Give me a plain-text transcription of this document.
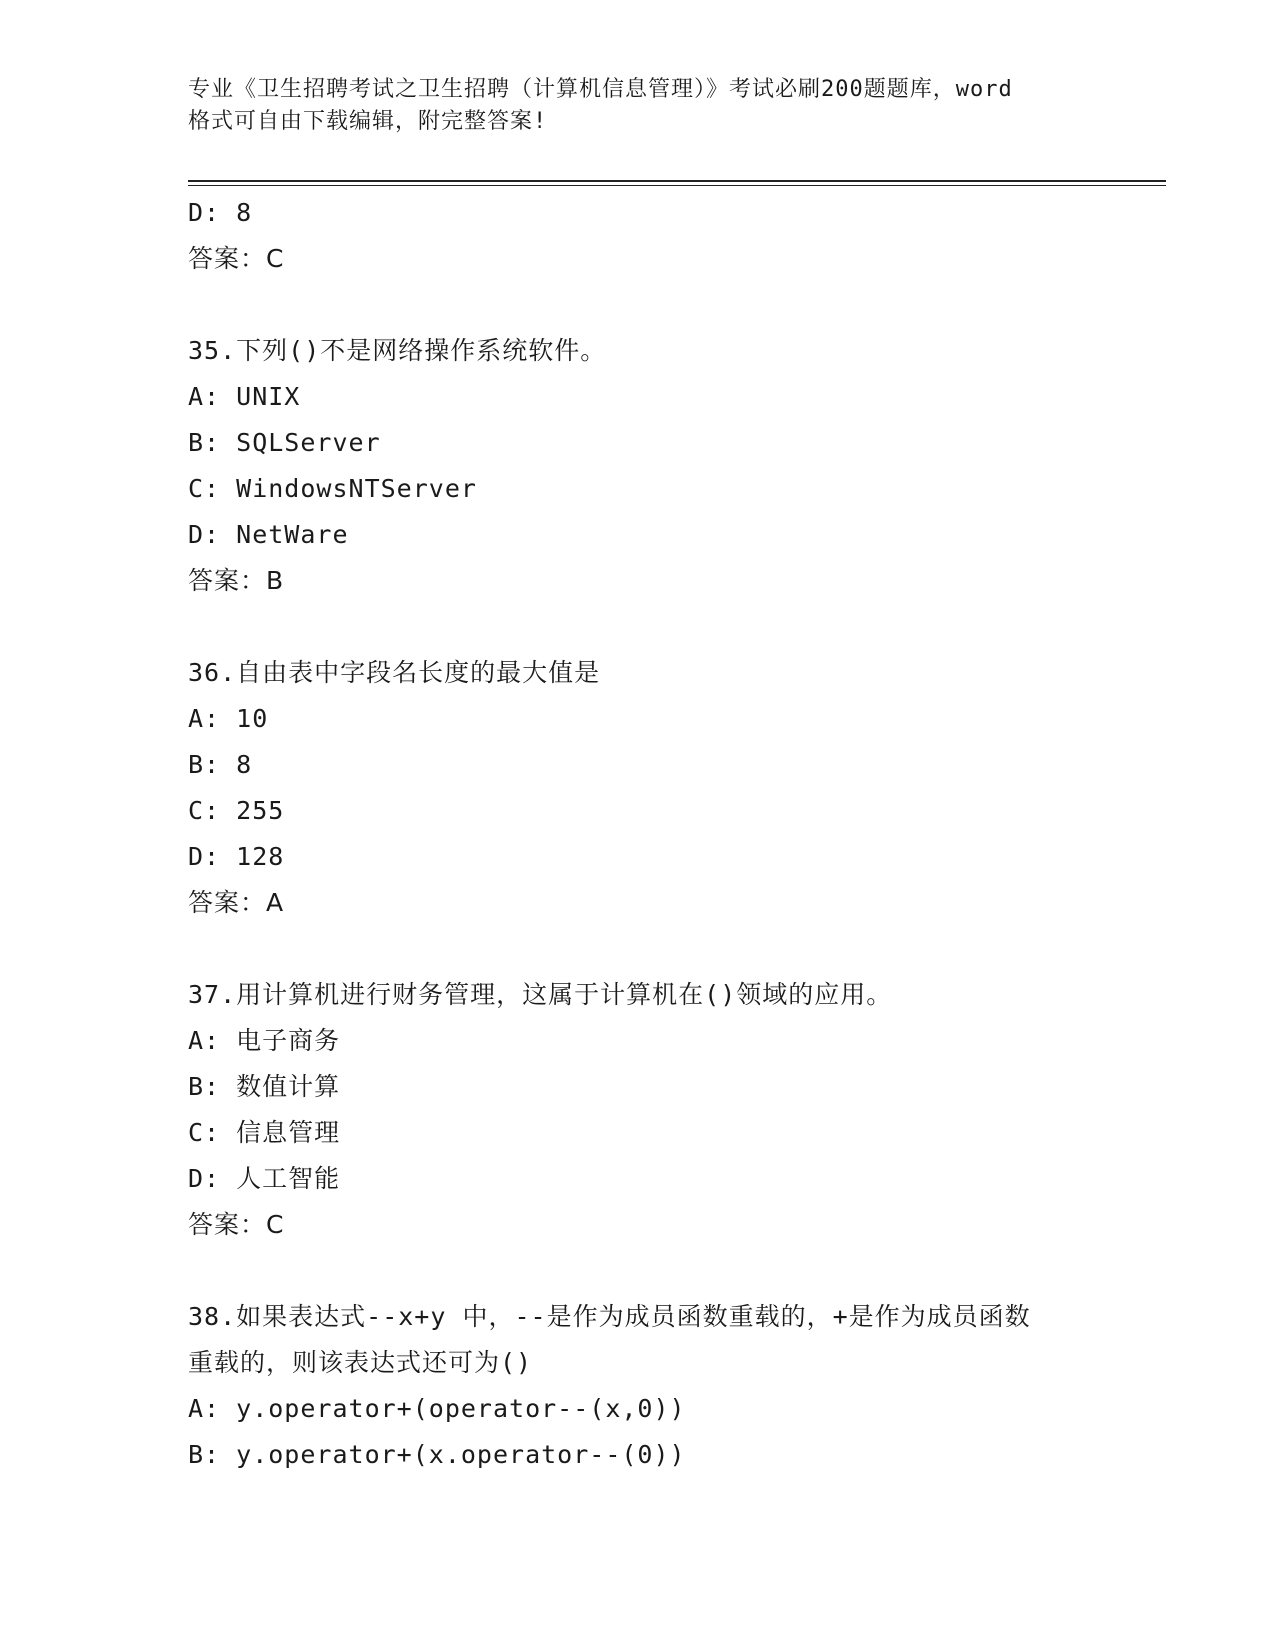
专业《卫生招聘考试之卫生招聘（计算机信息管理）》考试必刷200题题库，word
格式可自由下载编辑，附完整答案!
D: 8
答案：C
35.下列()不是网络操作系统软件。
A: UNIX
B: SQLServer
C: WindowsNTServer
D: NetWare
答案：B
36.自由表中字段名长度的最大值是
A: 10
B: 8
C: 255
D: 128
答案：A
37.用计算机进行财务管理，这属于计算机在()领域的应用。
A: 电子商务
B: 数值计算
C: 信息管理
D: 人工智能
答案：C
38.如果表达式--x+y 中，--是作为成员函数重载的，+是作为成员函数
重载的，则该表达式还可为()
A: y.operator+(operator--(x,0))
B: y.operator+(x.operator--(0))
